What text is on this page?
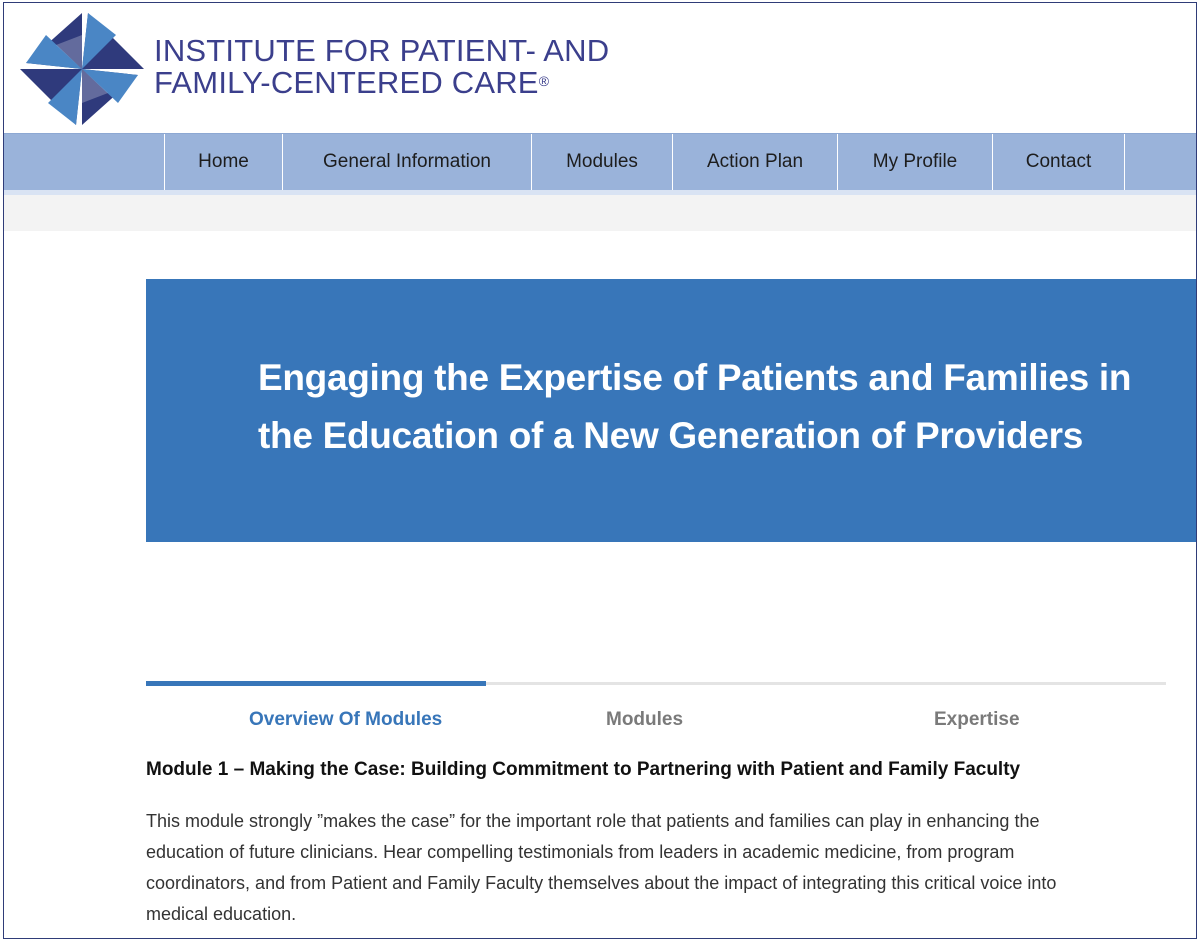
INSTITUTE FOR PATIENT- AND
FAMILY-CENTERED CARE®
Home	General Information	Modules	Action Plan	My Profile	Contact
Engaging the Expertise of Patients and Families in
the Education of a New Generation of Providers
Overview Of Modules	Modules	Expertise
Module 1 – Making the Case: Building Commitment to Partnering with Patient and Family Faculty
This module strongly ”makes the case” for the important role that patients and families can play in enhancing the
education of future clinicians. Hear compelling testimonials from leaders in academic medicine, from program
coordinators, and from Patient and Family Faculty themselves about the impact of integrating this critical voice into
medical education.
